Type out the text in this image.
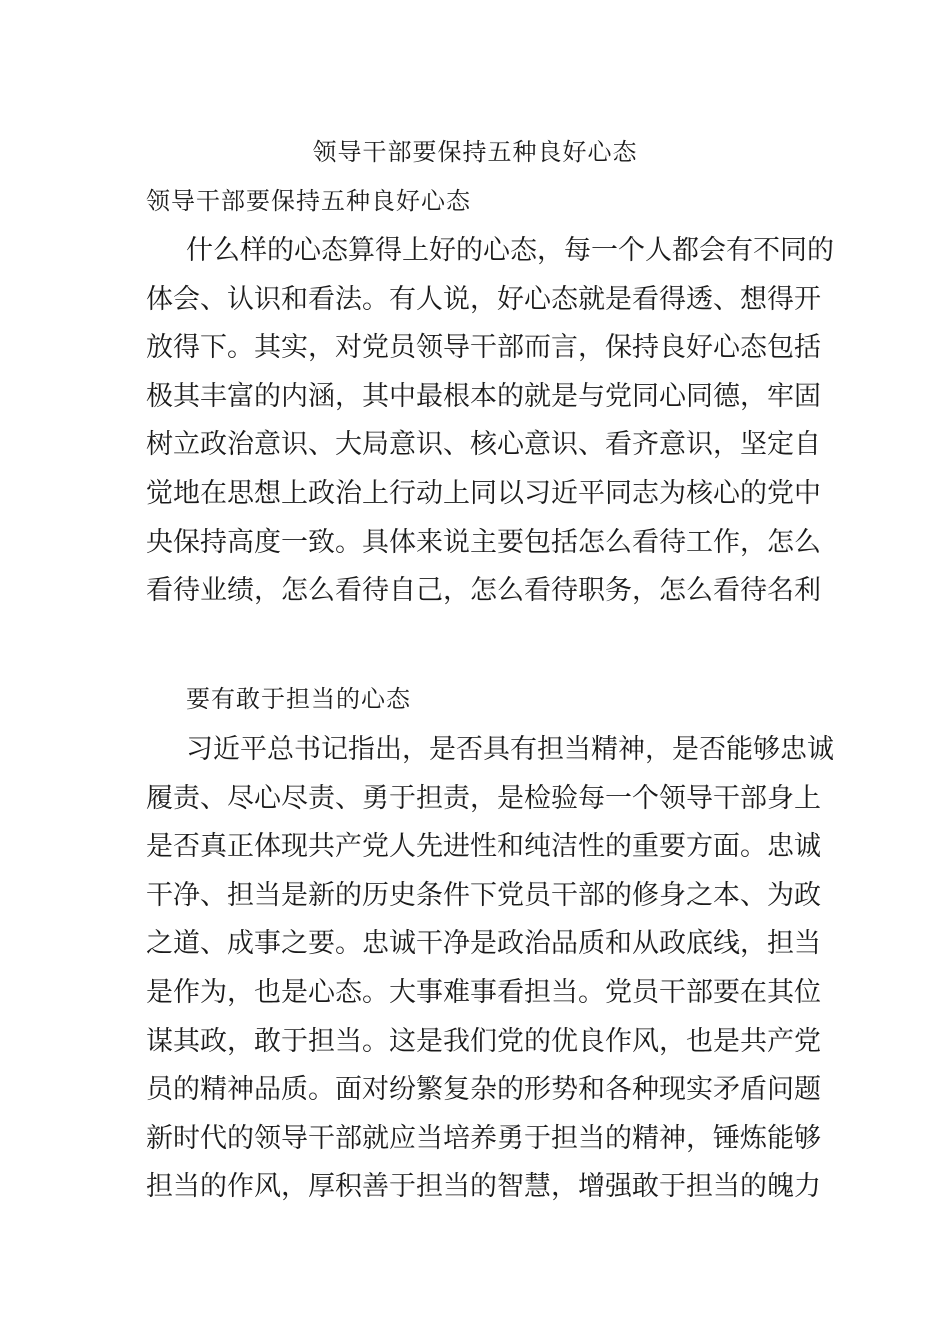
领导干部要保持五种良好心态
领导干部要保持五种良好心态
什么样的心态算得上好的心态，每一个人都会有不同的
体会、认识和看法。有人说，好心态就是看得透、想得开
放得下。其实，对党员领导干部而言，保持良好心态包括
极其丰富的内涵，其中最根本的就是与党同心同德，牢固
树立政治意识、大局意识、核心意识、看齐意识，坚定自
觉地在思想上政治上行动上同以习近平同志为核心的党中
央保持高度一致。具体来说主要包括怎么看待工作，怎么
看待业绩，怎么看待自己，怎么看待职务，怎么看待名利
要有敢于担当的心态
习近平总书记指出，是否具有担当精神，是否能够忠诚
履责、尽心尽责、勇于担责，是检验每一个领导干部身上
是否真正体现共产党人先进性和纯洁性的重要方面。忠诚
干净、担当是新的历史条件下党员干部的修身之本、为政
之道、成事之要。忠诚干净是政治品质和从政底线，担当
是作为，也是心态。大事难事看担当。党员干部要在其位
谋其政，敢于担当。这是我们党的优良作风，也是共产党
员的精神品质。面对纷繁复杂的形势和各种现实矛盾问题
新时代的领导干部就应当培养勇于担当的精神，锤炼能够
担当的作风，厚积善于担当的智慧，增强敢于担当的魄力
